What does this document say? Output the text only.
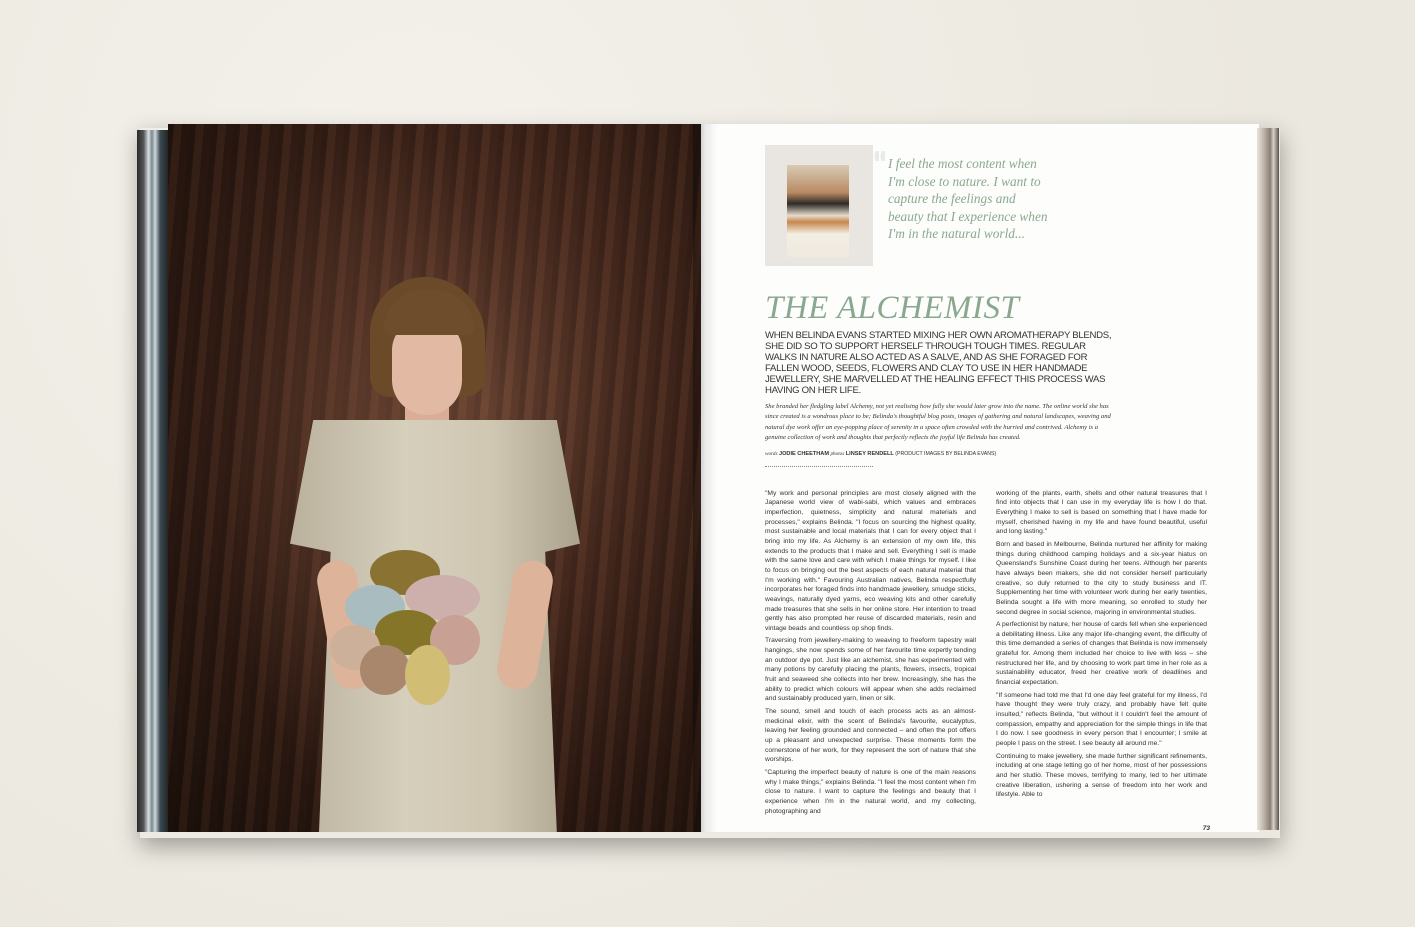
I feel the most content when I'm close to nature. I want to capture the feelings and beauty that I experience when I'm in the natural world...
THE ALCHEMIST
WHEN BELINDA EVANS STARTED MIXING HER OWN AROMATHERAPY BLENDS, SHE DID SO TO SUPPORT HERSELF THROUGH TOUGH TIMES. REGULAR WALKS IN NATURE ALSO ACTED AS A SALVE, AND AS SHE FORAGED FOR FALLEN WOOD, SEEDS, FLOWERS AND CLAY TO USE IN HER HANDMADE JEWELLERY, SHE MARVELLED AT THE HEALING EFFECT THIS PROCESS WAS HAVING ON HER LIFE.
She branded her fledgling label Alchemy, not yet realising how fully she would later grow into the name. The online world she has since created is a wondrous place to be; Belinda's thoughtful blog posts, images of gathering and natural landscapes, weaving and natural dye work offer an eye-popping place of serenity in a space often crowded with the hurried and contrived. Alchemy is a genuine collection of work and thoughts that perfectly reflects the joyful life Belinda has created.
words JODIE CHEETHAM photos LINSEY RENDELL (PRODUCT IMAGES BY BELINDA EVANS)

"My work and personal principles are most closely aligned with the Japanese world view of wabi-sabi, which values and embraces imperfection, quietness, simplicity and natural materials and processes," explains Belinda. "I focus on sourcing the highest quality, most sustainable and local materials that I can for every object that I bring into my life. As Alchemy is an extension of my own life, this extends to the products that I make and sell. Everything I sell is made with the same love and care with which I make things for myself. I like to focus on bringing out the best aspects of each natural material that I'm working with." Favouring Australian natives, Belinda respectfully incorporates her foraged finds into handmade jewellery, smudge sticks, weavings, naturally dyed yarns, eco weaving kits and other carefully made treasures that she sells in her online store. Her intention to tread gently has also prompted her reuse of discarded materials, resin and vintage beads and countless op shop finds.

Traversing from jewellery-making to weaving to freeform tapestry wall hangings, she now spends some of her favourite time expertly tending an outdoor dye pot. Just like an alchemist, she has experimented with many potions by carefully placing the plants, flowers, insects, tropical fruit and seaweed she collects into her brew. Increasingly, she has the ability to predict which colours will appear when she adds reclaimed and sustainably produced yarn, linen or silk.

The sound, smell and touch of each process acts as an almost-medicinal elixir, with the scent of Belinda's favourite, eucalyptus, leaving her feeling grounded and connected – and often the pot offers up a pleasant and unexpected surprise. These moments form the cornerstone of her work, for they represent the sort of nature that she worships.

"Capturing the imperfect beauty of nature is one of the main reasons why I make things," explains Belinda. "I feel the most content when I'm close to nature. I want to capture the feelings and beauty that I experience when I'm in the natural world, and my collecting, photographing and

working of the plants, earth, shells and other natural treasures that I find into objects that I can use in my everyday life is how I do that. Everything I make to sell is based on something that I have made for myself, cherished having in my life and have found beautiful, useful and long lasting."

Born and based in Melbourne, Belinda nurtured her affinity for making things during childhood camping holidays and a six-year hiatus on Queensland's Sunshine Coast during her teens. Although her parents have always been makers, she did not consider herself particularly creative, so duly returned to the city to study business and IT. Supplementing her time with volunteer work during her early twenties, Belinda sought a life with more meaning, so enrolled to study her second degree in social science, majoring in environmental studies.

A perfectionist by nature, her house of cards fell when she experienced a debilitating illness. Like any major life-changing event, the difficulty of this time demanded a series of changes that Belinda is now immensely grateful for. Among them included her choice to live with less – she restructured her life, and by choosing to work part time in her role as a sustainability educator, freed her creative work of deadlines and financial expectation.

"If someone had told me that I'd one day feel grateful for my illness, I'd have thought they were truly crazy, and probably have felt quite insulted," reflects Belinda, "but without it I couldn't feel the amount of compassion, empathy and appreciation for the simple things in life that I do now. I see goodness in every person that I encounter; I smile at people I pass on the street. I see beauty all around me."

Continuing to make jewellery, she made further significant refinements, including at one stage letting go of her home, most of her possessions and her studio. These moves, terrifying to many, led to her ultimate creative liberation, ushering a sense of freedom into her work and lifestyle. Able to

73
